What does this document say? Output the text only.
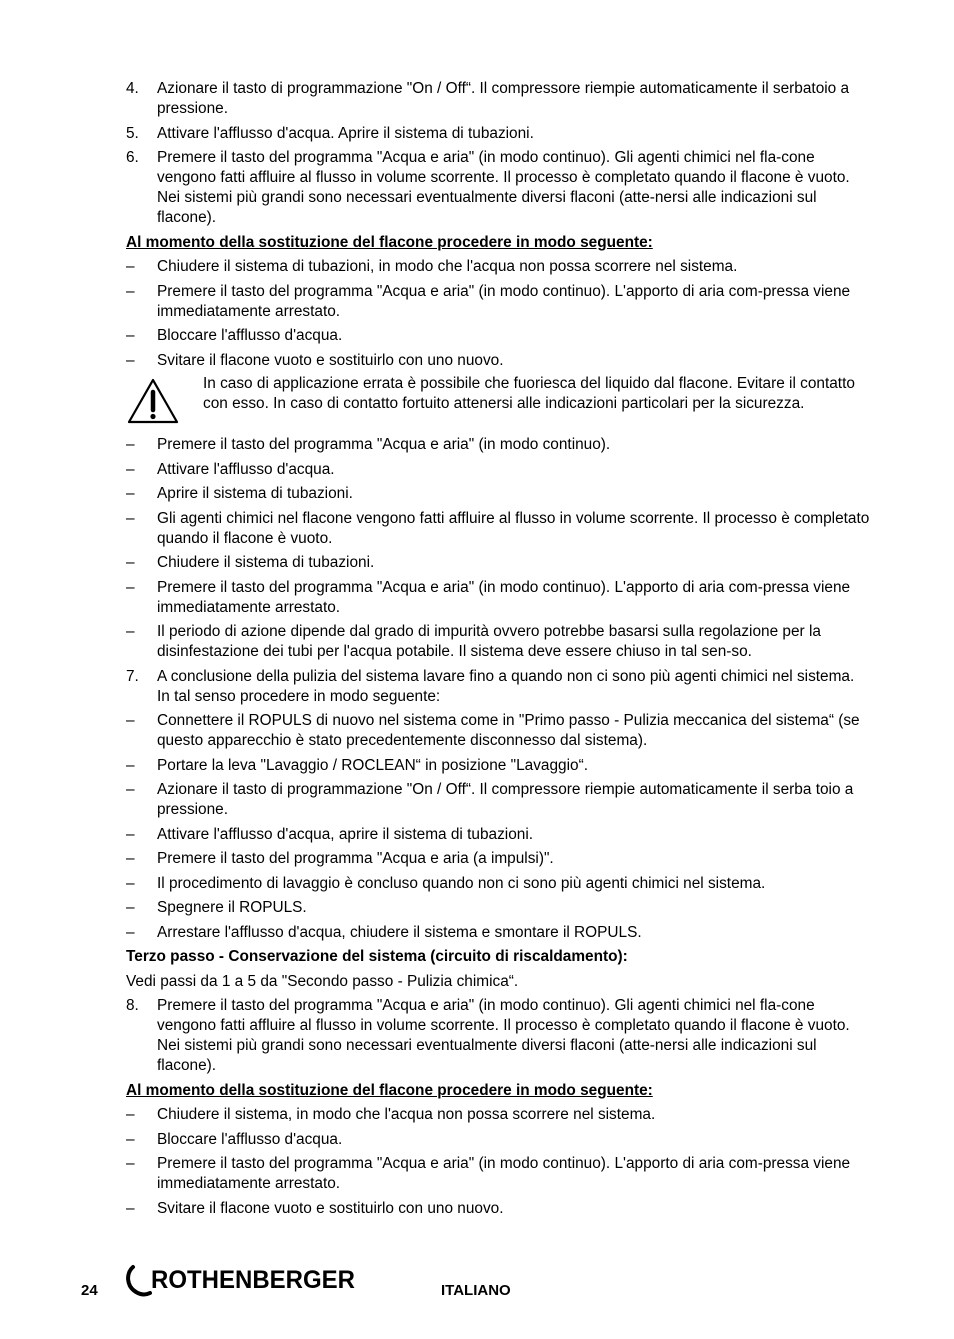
4.	Azionare il tasto di programmazione "On / Off“. Il compressore riempie automaticamente il serbatoio a pressione.
5.	Attivare l'afflusso d'acqua. Aprire il sistema di tubazioni.
6.	Premere il tasto del programma "Acqua e aria" (in modo continuo). Gli agenti chimici nel fla-cone vengono fatti affluire al flusso in volume scorrente. Il processo è completato quando il flacone è vuoto. Nei sistemi più grandi sono necessari eventualmente diversi flaconi (atte-nersi alle indicazioni sul flacone).
Al momento della sostituzione del flacone procedere in modo seguente:
–	Chiudere il sistema di tubazioni, in modo che l'acqua non possa scorrere nel sistema.
–	Premere il tasto del programma "Acqua e aria" (in modo continuo). L'apporto di aria com-pressa viene immediatamente arrestato.
–	Bloccare l'afflusso d'acqua.
–	Svitare il flacone vuoto e sostituirlo con uno nuovo.
In caso di applicazione errata è possibile che fuoriesca del liquido dal flacone. Evitare il contatto con esso. In caso di contatto fortuito attenersi alle indicazioni particolari per la sicurezza.
–	Premere il tasto del programma "Acqua e aria" (in modo continuo).
–	Attivare l'afflusso d'acqua.
–	Aprire il sistema di tubazioni.
–	Gli agenti chimici nel flacone vengono fatti affluire al flusso in volume scorrente. Il processo è completato quando il flacone è vuoto.
–	Chiudere il sistema di tubazioni.
–	Premere il tasto del programma "Acqua e aria" (in modo continuo). L'apporto di aria com-pressa viene immediatamente arrestato.
–	Il periodo di azione dipende dal grado di impurità ovvero potrebbe basarsi sulla regolazione per la disinfestazione dei tubi per l'acqua potabile. Il sistema deve essere chiuso in tal sen-so.
7.	A conclusione della pulizia del sistema lavare fino a quando non ci sono più agenti chimici nel sistema. In tal senso procedere in modo seguente:
–	Connettere il ROPULS di nuovo nel sistema come in "Primo passo - Pulizia meccanica del sistema“ (se questo apparecchio è stato precedentemente disconnesso dal sistema).
–	Portare la leva "Lavaggio / ROCLEAN“ in posizione "Lavaggio“.
–	Azionare il tasto di programmazione "On / Off“. Il compressore riempie automaticamente il serba toio a pressione.
–	Attivare l'afflusso d'acqua, aprire il sistema di tubazioni.
–	Premere il tasto del programma "Acqua e aria (a impulsi)".
–	Il procedimento di lavaggio è concluso quando non ci sono più agenti chimici nel sistema.
–	Spegnere il ROPULS.
–	Arrestare l'afflusso d'acqua, chiudere il sistema e smontare il ROPULS.
Terzo passo - Conservazione del sistema (circuito di riscaldamento):
Vedi passi da 1 a 5 da "Secondo passo - Pulizia chimica“.
8.	Premere il tasto del programma "Acqua e aria" (in modo continuo). Gli agenti chimici nel fla-cone vengono fatti affluire al flusso in volume scorrente. Il processo è completato quando il flacone è vuoto. Nei sistemi più grandi sono necessari eventualmente diversi flaconi (atte-nersi alle indicazioni sul flacone).
Al momento della sostituzione del flacone procedere in modo seguente:
–	Chiudere il sistema, in modo che l'acqua non possa scorrere nel sistema.
–	Bloccare l'afflusso d'acqua.
–	Premere il tasto del programma "Acqua e aria" (in modo continuo). L'apporto di aria com-pressa viene immediatamente arrestato.
–	Svitare il flacone vuoto e sostituirlo con uno nuovo.
24 ROTHENBERGER	ITALIANO
